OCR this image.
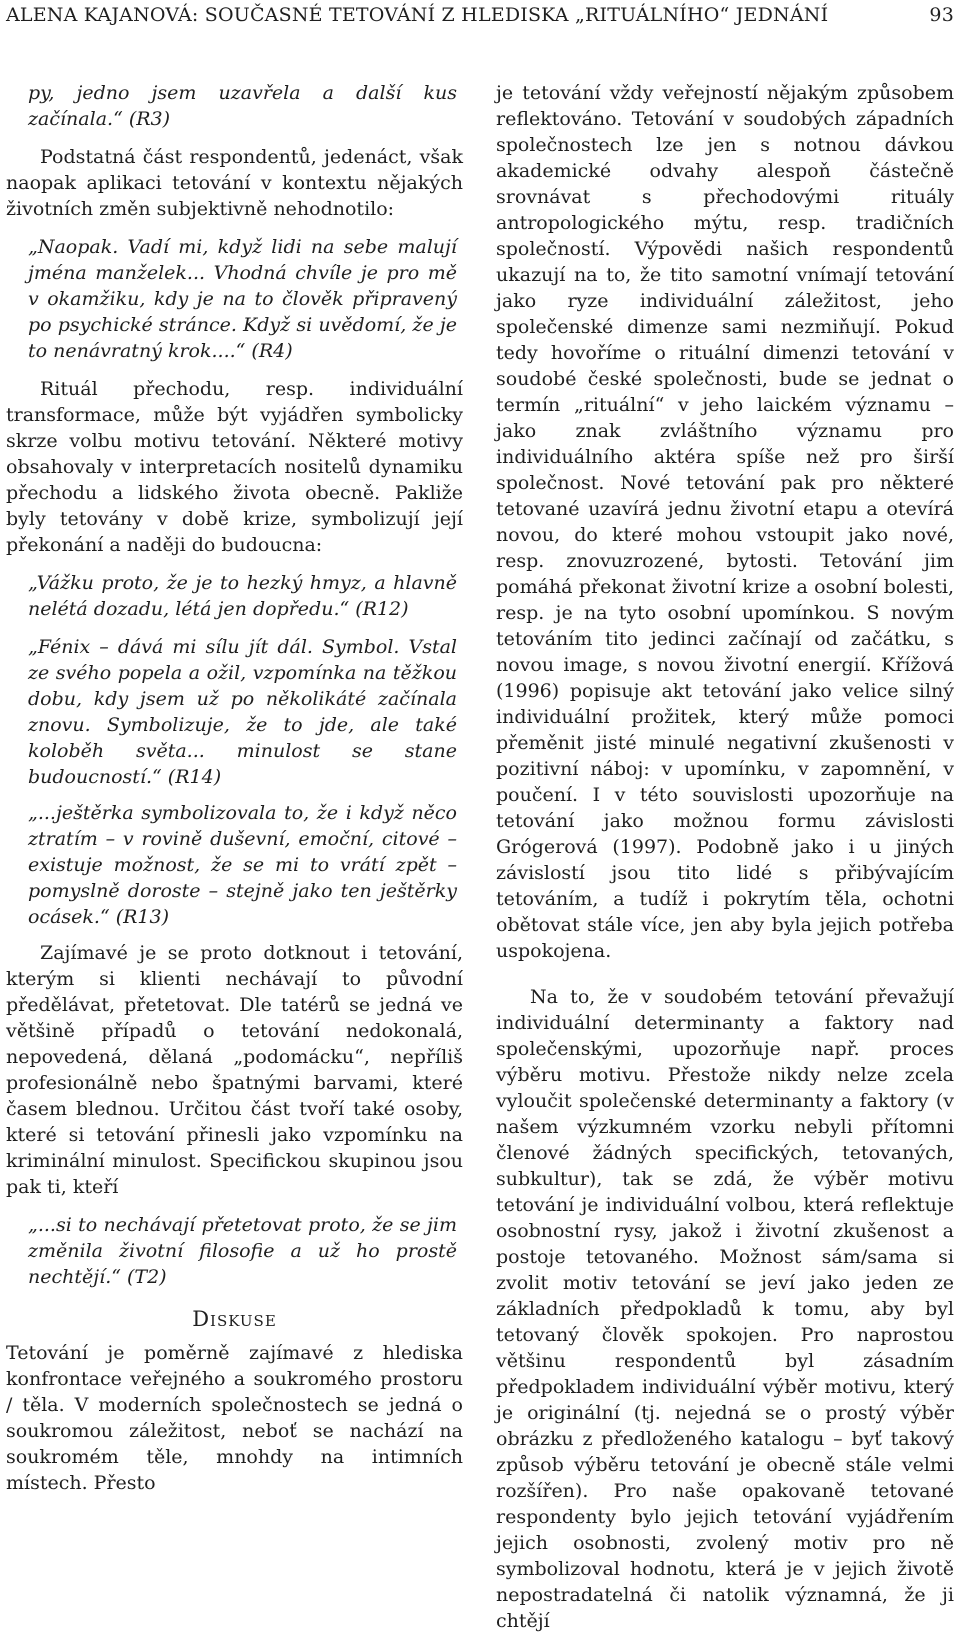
ALENA KAJANOVÁ: SOUČASNÉ TETOVÁNÍ Z HLEDISKA „RITUÁLNÍHO“ JEDNÁNÍ	93

py, jedno jsem uzavřela a další kus začínala.“ (R3)

Podstatná část respondentů, jedenáct, však naopak aplikaci tetování v kontextu nějakých životních změn subjektivně nehodnotilo:

„Naopak. Vadí mi, když lidi na sebe malují jména manželek... Vhodná chvíle je pro mě v okamžiku, kdy je na to člověk připravený po psychické stránce. Když si uvědomí, že je to nenávratný krok....“ (R4)

Rituál přechodu, resp. individuální transformace, může být vyjádřen symbolicky skrze volbu motivu tetování. Některé motivy obsahovaly v interpretacích nositelů dynamiku přechodu a lidského života obecně. Pakliže byly tetovány v době krize, symbolizují její překonání a naději do budoucna:

„Vážku proto, že je to hezký hmyz, a hlavně nelétá dozadu, létá jen dopředu.“ (R12)

„Fénix – dává mi sílu jít dál. Symbol. Vstal ze svého popela a ožil, vzpomínka na těžkou dobu, kdy jsem už po několikáté začínala znovu. Symbolizuje, že to jde, ale také koloběh světa... minulost se stane budoucností.“ (R14)

„...ještěrka symbolizovala to, že i když něco ztratím – v rovině duševní, emoční, citové – existuje možnost, že se mi to vrátí zpět – pomyslně doroste – stejně jako ten ještěrky ocásek.“ (R13)

Zajímavé je se proto dotknout i tetování, kterým si klienti nechávají to původní předělávat, přetetovat. Dle tatérů se jedná ve většině případů o tetování nedokonalá, nepovedená, dělaná „podomácku“, nepříliš profesionálně nebo špatnými barvami, které časem blednou. Určitou část tvoří také osoby, které si tetování přinesli jako vzpomínku na kriminální minulost. Specifickou skupinou jsou pak ti, kteří

„...si to nechávají přetetovat proto, že se jim změnila životní filosofie a už ho prostě nechtějí.“ (T2)

Diskuse

Tetování je poměrně zajímavé z hlediska konfrontace veřejného a soukromého prostoru / těla. V moderních společnostech se jedná o soukromou záležitost, neboť se nachází na soukromém těle, mnohdy na intimních místech. Přesto

je tetování vždy veřejností nějakým způsobem reflektováno. Tetování v soudobých západních společnostech lze jen s notnou dávkou akademické odvahy alespoň částečně srovnávat s přechodovými rituály antropologického mýtu, resp. tradičních společností. Výpovědi našich respondentů ukazují na to, že tito samotní vnímají tetování jako ryze individuální záležitost, jeho společenské dimenze sami nezmiňují. Pokud tedy hovoříme o rituální dimenzi tetování v soudobé české společnosti, bude se jednat o termín „rituální“ v jeho laickém významu – jako znak zvláštního významu pro individuálního aktéra spíše než pro širší společnost. Nové tetování pak pro některé tetované uzavírá jednu životní etapu a otevírá novou, do které mohou vstoupit jako nové, resp. znovuzrozené, bytosti. Tetování jim pomáhá překonat životní krize a osobní bolesti, resp. je na tyto osobní upomínkou. S novým tetováním tito jedinci začínají od začátku, s novou image, s novou životní energií. Křížová (1996) popisuje akt tetování jako velice silný individuální prožitek, který může pomoci přeměnit jisté minulé negativní zkušenosti v pozitivní náboj: v upomínku, v zapomnění, v poučení. I v této souvislosti upozorňuje na tetování jako možnou formu závislosti Grógerová (1997). Podobně jako i u jiných závislostí jsou tito lidé s přibývajícím tetováním, a tudíž i pokrytím těla, ochotni obětovat stále více, jen aby byla jejich potřeba uspokojena.

Na to, že v soudobém tetování převažují individuální determinanty a faktory nad společenskými, upozorňuje např. proces výběru motivu. Přestože nikdy nelze zcela vyloučit společenské determinanty a faktory (v našem výzkumném vzorku nebyli přítomni členové žádných specifických, tetovaných, subkultur), tak se zdá, že výběr motivu tetování je individuální volbou, která reflektuje osobnostní rysy, jakož i životní zkušenost a postoje tetovaného. Možnost sám/sama si zvolit motiv tetování se jeví jako jeden ze základních předpokladů k tomu, aby byl tetovaný člověk spokojen. Pro naprostou většinu respondentů byl zásadním předpokladem individuální výběr motivu, který je originální (tj. nejedná se o prostý výběr obrázku z předloženého katalogu – byť takový způsob výběru tetování je obecně stále velmi rozšířen). Pro naše opakovaně tetované respondenty bylo jejich tetování vyjádřením jejich osobnosti, zvolený motiv pro ně symbolizoval hodnotu, která je v jejich životě nepostradatelná či natolik významná, že ji chtějí
